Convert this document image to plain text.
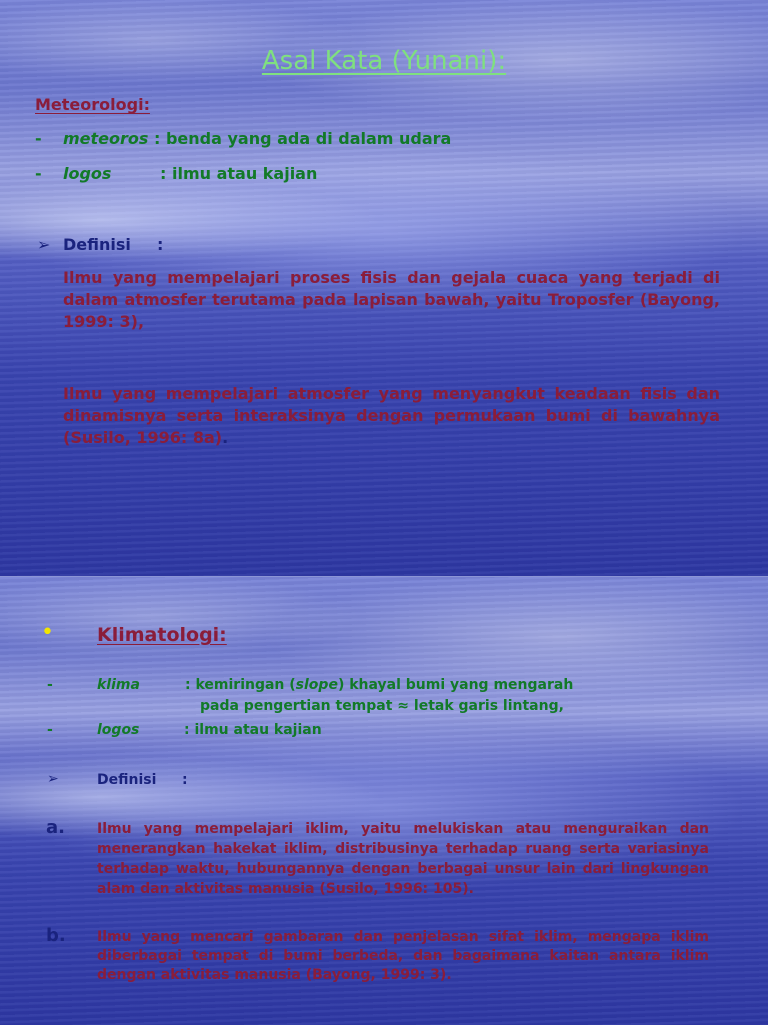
Asal Kata (Yunani):
Meteorologi:
- meteoros : benda yang ada di dalam udara
- logos	: ilmu atau kajian
➢ Definisi :
Ilmu yang mempelajari proses fisis dan gejala cuaca yang terjadi di dalam atmosfer terutama pada lapisan bawah, yaitu Troposfer (Bayong, 1999: 3),
Ilmu yang mempelajari atmosfer yang menyangkut keadaan fisis dan dinamisnya serta interaksinya dengan permukaan bumi di bawahnya (Susilo, 1996: 8a).
• Klimatologi:
-	klima	: kemiringan (slope) khayal bumi yang mengarah
pada pengertian tempat ≈ letak garis lintang,
-	logos	: ilmu atau kajian
➢	Definisi :
a. Ilmu yang mempelajari iklim, yaitu melukiskan atau menguraikan dan menerangkan hakekat iklim, distribusinya terhadap ruang serta variasinya terhadap waktu, hubungannya dengan berbagai unsur lain dari lingkungan alam dan aktivitas manusia (Susilo, 1996: 105).
b. Ilmu yang mencari gambaran dan penjelasan sifat iklim, mengapa iklim diberbagai tempat di bumi berbeda, dan bagaimana kaitan antara iklim dengan aktivitas manusia (Bayong, 1999: 3).
